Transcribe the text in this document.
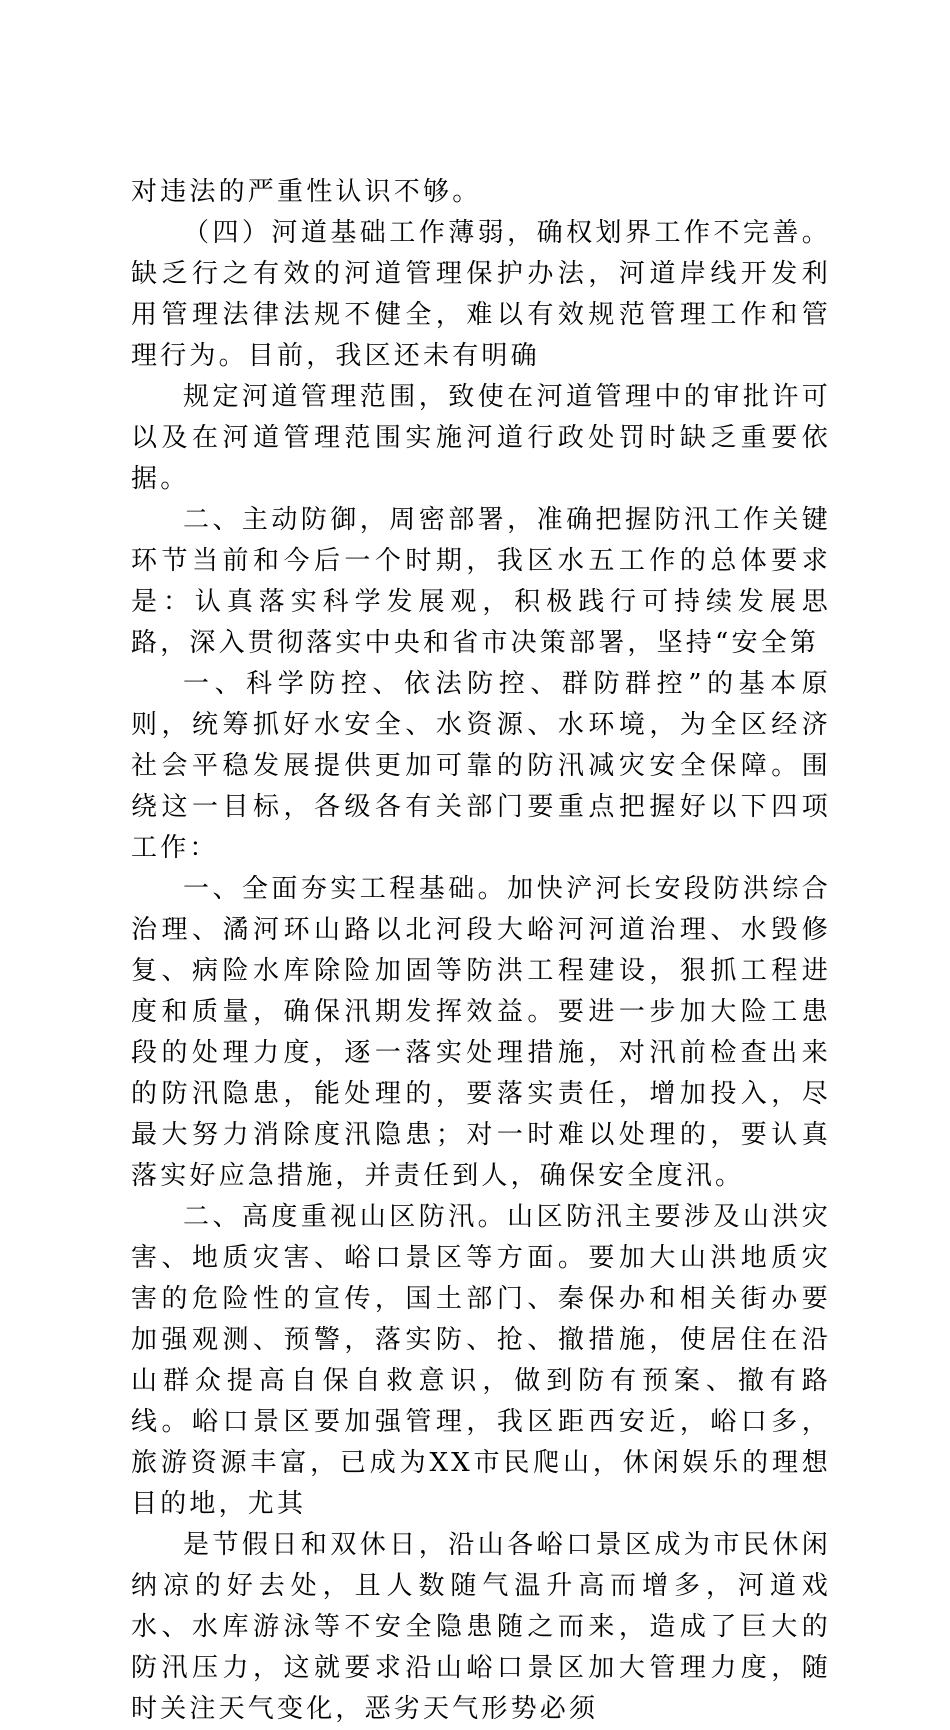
对违法的严重性认识不够。

（四）河道基础工作薄弱，确权划界工作不完善。缺乏行之有效的河道管理保护办法，河道岸线开发利用管理法律法规不健全，难以有效规范管理工作和管理行为。目前，我区还未有明确

规定河道管理范围，致使在河道管理中的审批许可以及在河道管理范围实施河道行政处罚时缺乏重要依据。

二、主动防御，周密部署，准确把握防汛工作关键环节当前和今后一个时期，我区水五工作的总体要求是：认真落实科学发展观，积极践行可持续发展思路，深入贯彻落实中央和省市决策部署，坚持“安全第

一、科学防控、依法防控、群防群控”的基本原则，统筹抓好水安全、水资源、水环境，为全区经济社会平稳发展提供更加可靠的防汛减灾安全保障。围绕这一目标，各级各有关部门要重点把握好以下四项工作：

一、全面夯实工程基础。加快浐河长安段防洪综合治理、潏河环山路以北河段大峪河河道治理、水毁修复、病险水库除险加固等防洪工程建设，狠抓工程进度和质量，确保汛期发挥效益。要进一步加大险工患段的处理力度，逐一落实处理措施，对汛前检查出来的防汛隐患，能处理的，要落实责任，增加投入，尽最大努力消除度汛隐患；对一时难以处理的，要认真落实好应急措施，并责任到人，确保安全度汛。

二、高度重视山区防汛。山区防汛主要涉及山洪灾害、地质灾害、峪口景区等方面。要加大山洪地质灾害的危险性的宣传，国土部门、秦保办和相关街办要加强观测、预警，落实防、抢、撤措施，使居住在沿山群众提高自保自救意识，做到防有预案、撤有路线。峪口景区要加强管理，我区距西安近，峪口多，旅游资源丰富，已成为XX市民爬山，休闲娱乐的理想目的地，尤其

是节假日和双休日，沿山各峪口景区成为市民休闲纳凉的好去处，且人数随气温升高而增多，河道戏水、水库游泳等不安全隐患随之而来，造成了巨大的防汛压力，这就要求沿山峪口景区加大管理力度，随时关注天气变化，恶劣天气形势必须
